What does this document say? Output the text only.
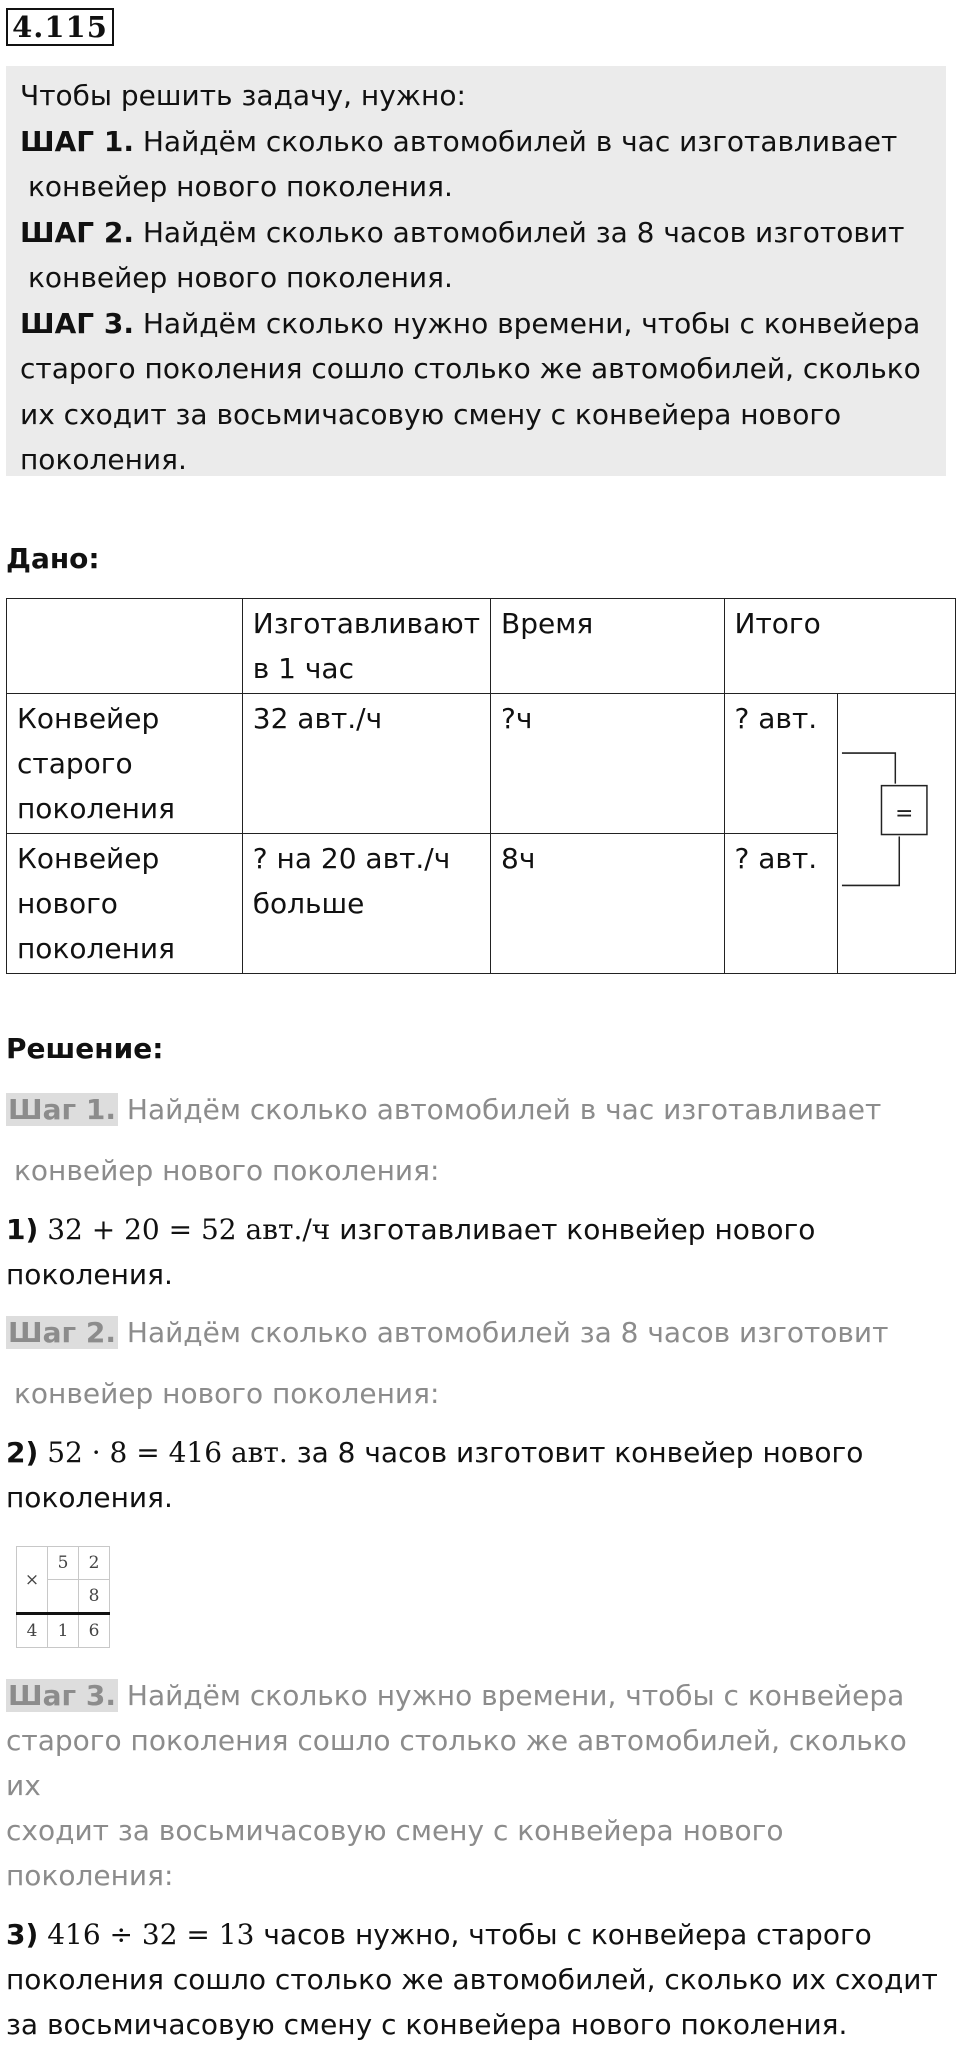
4.115

Чтобы решить задачу, нужно:

ШАГ 1. Найдём сколько автомобилей в час изготавливает

конвейер нового поколения.

ШАГ 2. Найдём сколько автомобилей за 8 часов изготовит

конвейер нового поколения.

ШАГ 3. Найдём сколько нужно времени, чтобы с конвейера

старого поколения сошло столько же автомобилей, сколько

их сходит за восьмичасовую смену с конвейера нового

поколения.

Дано:
	Изготавливают в 1 час	Время	Итого	
Конвейер старого поколения	32 авт./ч	?ч	? авт.	=

Конвейер нового поколения	? на 20 авт./ч больше	8ч	? авт.	
Решение:

Шаг 1. Найдём сколько автомобилей в час изготавливает

конвейер нового поколения:

1) 32 + 20 = 52 авт./ч изготавливает конвейер нового

поколения.

Шаг 2. Найдём сколько автомобилей за 8 часов изготовит

конвейер нового поколения:

2) 52 · 8 = 416 авт. за 8 часов изготовит конвейер нового

поколения.

×	5	2
		8
4	1	6

Шаг 3. Найдём сколько нужно времени, чтобы с конвейера

старого поколения сошло столько же автомобилей, сколько их

сходит за восьмичасовую смену с конвейера нового

поколения:

3) 416 ÷ 32 = 13 часов нужно, чтобы с конвейера старого

поколения сошло столько же автомобилей, сколько их сходит

за восьмичасовую смену с конвейера нового поколения.
